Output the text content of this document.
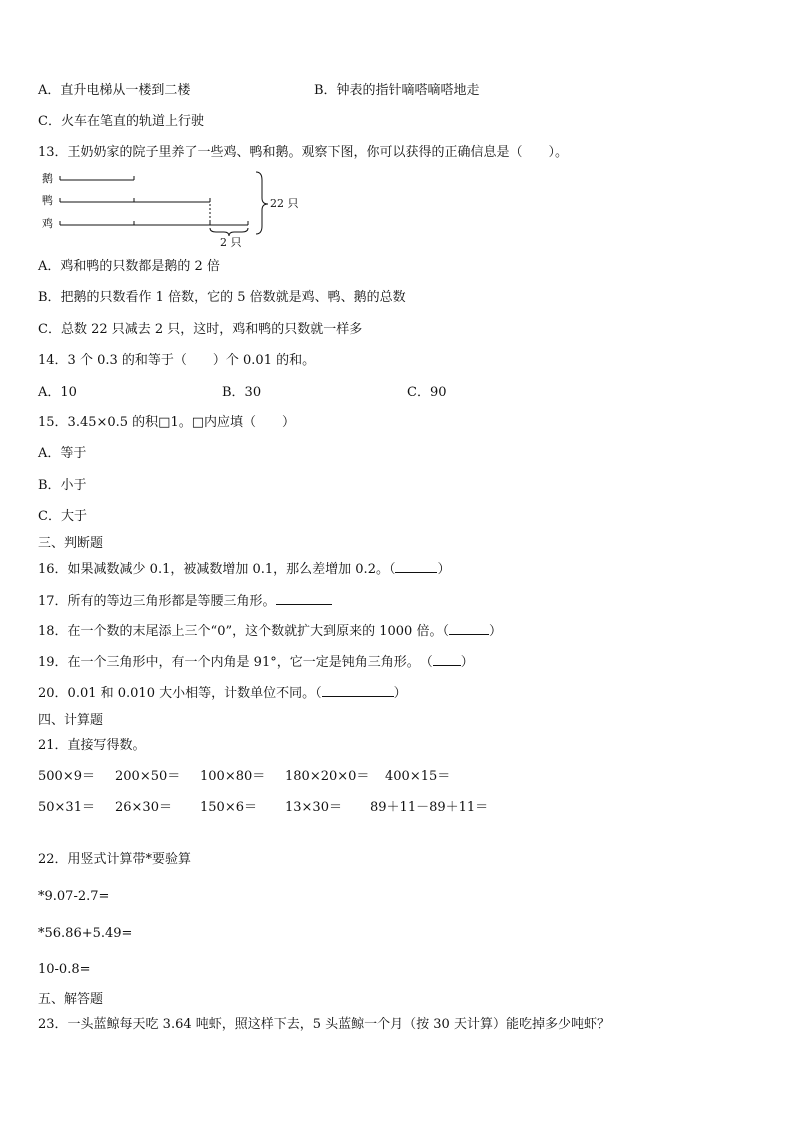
A．直升电梯从一楼到二楼	B．钟表的指针嘀嗒嘀嗒地走
C．火车在笔直的轨道上行驶
13．王奶奶家的院子里养了一些鸡、鸭和鹅。观察下图，你可以获得的正确信息是（　　）。
鹅
鸭
鸡
22 只
2 只
A．鸡和鸭的只数都是鹅的 2 倍
B．把鹅的只数看作 1 倍数，它的 5 倍数就是鸡、鸭、鹅的总数
C．总数 22 只减去 2 只，这时，鸡和鸭的只数就一样多
14．3 个 0.3 的和等于（　　）个 0.01 的和。
A．10	B．30	C．90
15．3.45×0.5 的积□1。□内应填（　　）
A．等于
B．小于
C．大于
三、判断题
16．如果减数减少 0.1，被减数增加 0.1，那么差增加 0.2。（	）
17．所有的等边三角形都是等腰三角形。
18．在一个数的末尾添上三个“0”，这个数就扩大到原来的 1000 倍。（	）
19．在一个三角形中，有一个内角是 91°，它一定是钝角三角形。　（ ）
20．0.01 和 0.010 大小相等，计数单位不同。（	）
四、计算题
21．直接写得数。
500×9＝ 200×50＝ 100×80＝ 180×20×0＝ 400×15＝
50×31＝ 26×30＝ 150×6＝ 13×30＝ 89＋11－89＋11＝
22．用竖式计算带*要验算
*9.07-2.7=
*56.86+5.49=
10-0.8=
五、解答题
23．一头蓝鲸每天吃 3.64 吨虾，照这样下去，5 头蓝鲸一个月（按 30 天计算）能吃掉多少吨虾？
